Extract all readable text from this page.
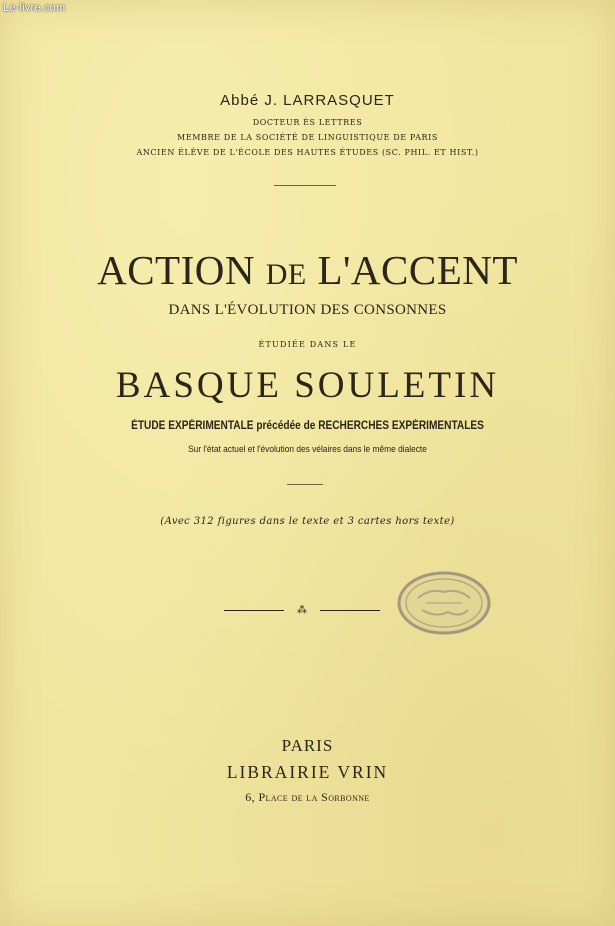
Le-livre.com
Abbé J. LARRASQUET
DOCTEUR ÈS LETTRES
MEMBRE DE LA SOCIÉTÉ DE LINGUISTIQUE DE PARIS
ANCIEN ÉLÈVE DE L'ÉCOLE DES HAUTES ÉTUDES (SC. PHIL. ET HIST.)
ACTION DE L'ACCENT
DANS L'ÉVOLUTION DES CONSONNES
ÉTUDIÉE DANS LE
BASQUE SOULETIN
ÉTUDE EXPÉRIMENTALE précédée de RECHERCHES EXPÉRIMENTALES
Sur l'état actuel et l'évolution des vélaires dans le même dialecte
(Avec 312 figures dans le texte et 3 cartes hors texte)
⁂
PARIS
LIBRAIRIE VRIN
6, Place de la Sorbonne
